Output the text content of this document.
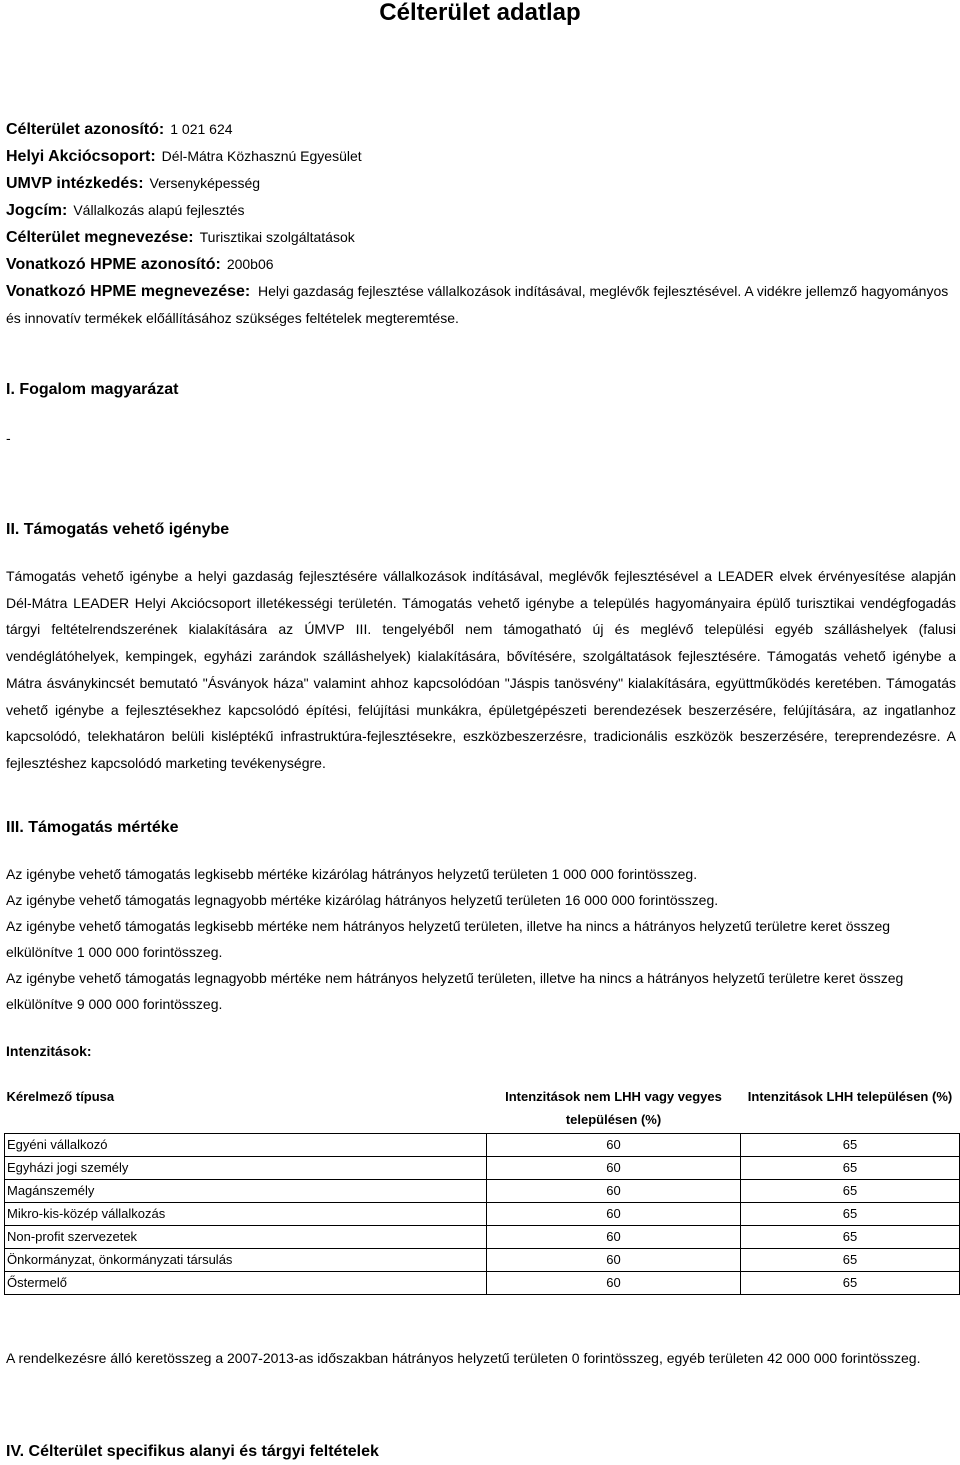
Célterület adatlap
Célterület azonosító: 1 021 624
Helyi Akciócsoport: Dél-Mátra Közhasznú Egyesület
UMVP intézkedés: Versenyképesség
Jogcím: Vállalkozás alapú fejlesztés
Célterület megnevezése: Turisztikai szolgáltatások
Vonatkozó HPME azonosító: 200b06
Vonatkozó HPME megnevezése: Helyi gazdaság fejlesztése vállalkozások indításával, meglévők fejlesztésével. A vidékre jellemző hagyományos és innovatív termékek előállításához szükséges feltételek megteremtése.
I. Fogalom magyarázat
-
II. Támogatás vehető igénybe
Támogatás vehető igénybe a helyi gazdaság fejlesztésére vállalkozások indításával, meglévők fejlesztésével a LEADER elvek érvényesítése alapján Dél-Mátra LEADER Helyi Akciócsoport illetékességi területén. Támogatás vehető igénybe a település hagyományaira épülő turisztikai vendégfogadás tárgyi feltételrendszerének kialakítására az ÚMVP III. tengelyéből nem támogatható új és meglévő települési egyéb szálláshelyek (falusi vendéglátóhelyek, kempingek, egyházi zarándok szálláshelyek) kialakítására, bővítésére, szolgáltatások fejlesztésére. Támogatás vehető igénybe a Mátra ásványkincsét bemutató "Ásványok háza" valamint ahhoz kapcsolódóan "Jáspis tanösvény" kialakítására, együttműködés keretében. Támogatás vehető igénybe a fejlesztésekhez kapcsolódó építési, felújítási munkákra, épületgépészeti berendezések beszerzésére, felújítására, az ingatlanhoz kapcsolódó, telekhatáron belüli kisléptékű infrastruktúra-fejlesztésekre, eszközbeszerzésre, tradicionális eszközök beszerzésére, tereprendezésre. A fejlesztéshez kapcsolódó marketing tevékenységre.
III. Támogatás mértéke
Az igénybe vehető támogatás legkisebb mértéke kizárólag hátrányos helyzetű területen 1 000 000 forintösszeg.
Az igénybe vehető támogatás legnagyobb mértéke kizárólag hátrányos helyzetű területen 16 000 000 forintösszeg.
Az igénybe vehető támogatás legkisebb mértéke nem hátrányos helyzetű területen, illetve ha nincs a hátrányos helyzetű területre keret összeg elkülönítve 1 000 000 forintösszeg.
Az igénybe vehető támogatás legnagyobb mértéke nem hátrányos helyzetű területen, illetve ha nincs a hátrányos helyzetű területre keret összeg elkülönítve 9 000 000 forintösszeg.
Intenzitások:
Kérelmező típusa	Intenzitások nem LHH vagy vegyes településen (%)	Intenzitások LHH településen (%)
Egyéni vállalkozó	60	65
Egyházi jogi személy	60	65
Magánszemély	60	65
Mikro-kis-közép vállalkozás	60	65
Non-profit szervezetek	60	65
Önkormányzat, önkormányzati társulás	60	65
Őstermelő	60	65
A rendelkezésre álló keretösszeg a 2007-2013-as időszakban hátrányos helyzetű területen 0 forintösszeg, egyéb területen 42 000 000 forintösszeg.
IV. Célterület specifikus alanyi és tárgyi feltételek
